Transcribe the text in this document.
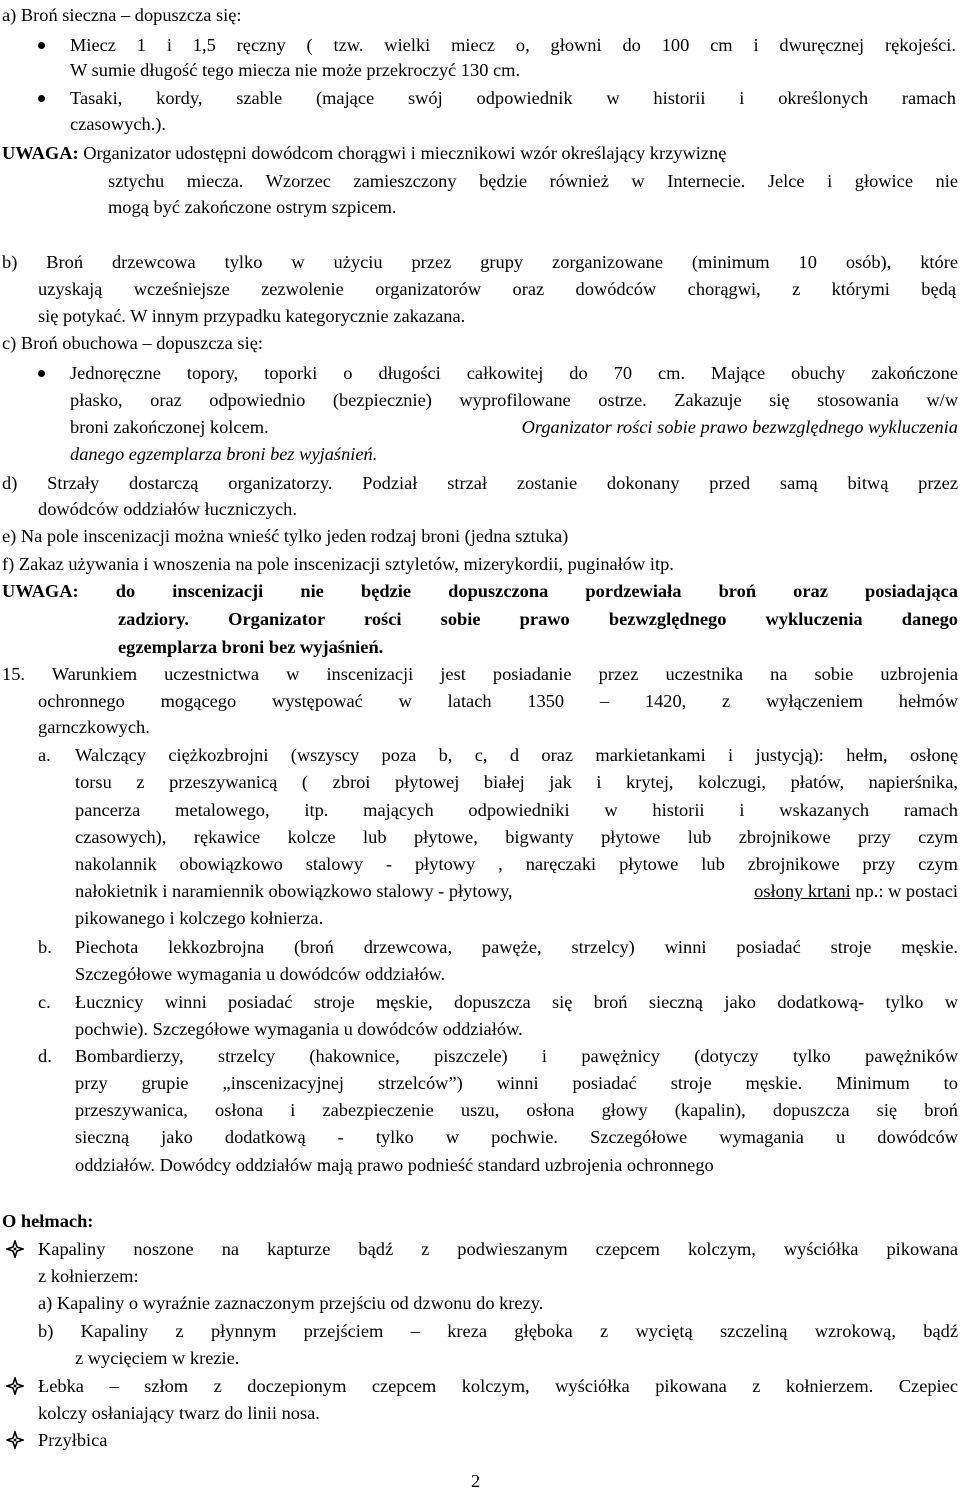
a) Broń sieczna – dopuszcza się:
Miecz 1 i 1,5 ręczny ( tzw. wielki miecz o, głowni do 100 cm i dwuręcznej rękojeści.
W sumie długość tego miecza nie może przekroczyć 130 cm.
Tasaki, kordy, szable (mające swój odpowiednik w historii i określonych ramach
czasowych.).
UWAGA: Organizator udostępni dowódcom chorągwi i miecznikowi wzór określający krzywiznę
sztychu miecza. Wzorzec zamieszczony będzie również w Internecie. Jelce i głowice nie
mogą być zakończone ostrym szpicem.
b) Broń drzewcowa tylko w użyciu przez grupy zorganizowane (minimum 10 osób), które
uzyskają wcześniejsze zezwolenie organizatorów oraz dowódców chorągwi, z którymi będą
się potykać. W innym przypadku kategorycznie zakazana.
c) Broń obuchowa – dopuszcza się:
Jednoręczne topory, toporki o długości całkowitej do 70 cm. Mające obuchy zakończone
płasko, oraz odpowiednio (bezpiecznie) wyprofilowane ostrze. Zakazuje się stosowania w/w
broni zakończonej kolcem.	Organizator rości sobie prawo bezwzględnego wykluczenia
danego egzemplarza broni bez wyjaśnień.
d) Strzały dostarczą organizatorzy. Podział strzał zostanie dokonany przed samą bitwą przez
dowódców oddziałów łuczniczych.
e) Na pole inscenizacji można wnieść tylko jeden rodzaj broni (jedna sztuka)
f) Zakaz używania i wnoszenia na pole inscenizacji sztyletów, mizerykordii, puginałów itp.
UWAGA: do inscenizacji nie będzie dopuszczona pordzewiała broń oraz posiadająca
zadziory. Organizator rości sobie prawo bezwzględnego wykluczenia danego
egzemplarza broni bez wyjaśnień.
15. Warunkiem uczestnictwa w inscenizacji jest posiadanie przez uczestnika na sobie uzbrojenia
ochronnego mogącego występować w latach 1350 – 1420, z wyłączeniem hełmów
garnczkowych.
a. Walczący ciężkozbrojni (wszyscy poza b, c, d oraz markietankami i justycją): hełm, osłonę
torsu z przeszywanicą ( zbroi płytowej białej jak i krytej, kolczugi, płatów, napierśnika,
pancerza metalowego, itp. mających odpowiedniki w historii i wskazanych ramach
czasowych), rękawice kolcze lub płytowe, bigwanty płytowe lub zbrojnikowe przy czym
nakolannik obowiązkowo stalowy - płytowy , naręczaki płytowe lub zbrojnikowe przy czym
nałokietnik i naramiennik obowiązkowo stalowy - płytowy,	osłony krtani np.: w postaci
pikowanego i kolczego kołnierza.
b. Piechota lekkozbrojna (broń drzewcowa, pawęże, strzelcy) winni posiadać stroje męskie.
Szczegółowe wymagania u dowódców oddziałów.
c. Łucznicy winni posiadać stroje męskie, dopuszcza się broń sieczną jako dodatkową- tylko w
pochwie). Szczegółowe wymagania u dowódców oddziałów.
d. Bombardierzy, strzelcy (hakownice, piszczele) i pawężnicy (dotyczy tylko pawężników
przy grupie „inscenizacyjnej strzelców”) winni posiadać stroje męskie. Minimum to
przeszywanica, osłona i zabezpieczenie uszu, osłona głowy (kapalin), dopuszcza się broń
sieczną jako dodatkową - tylko w pochwie. Szczegółowe wymagania u dowódców
oddziałów. Dowódcy oddziałów mają prawo podnieść standard uzbrojenia ochronnego
O hełmach:
Kapaliny noszone na kapturze bądź z podwieszanym czepcem kolczym, wyściółka pikowana
z kołnierzem:
a) Kapaliny o wyraźnie zaznaczonym przejściu od dzwonu do krezy.
b) Kapaliny z płynnym przejściem – kreza głęboka z wyciętą szczeliną wzrokową, bądź
z wycięciem w krezie.
Łebka – szłom z doczepionym czepcem kolczym, wyściółka pikowana z kołnierzem. Czepiec
kolczy osłaniający twarz do linii nosa.
Przyłbica
2
